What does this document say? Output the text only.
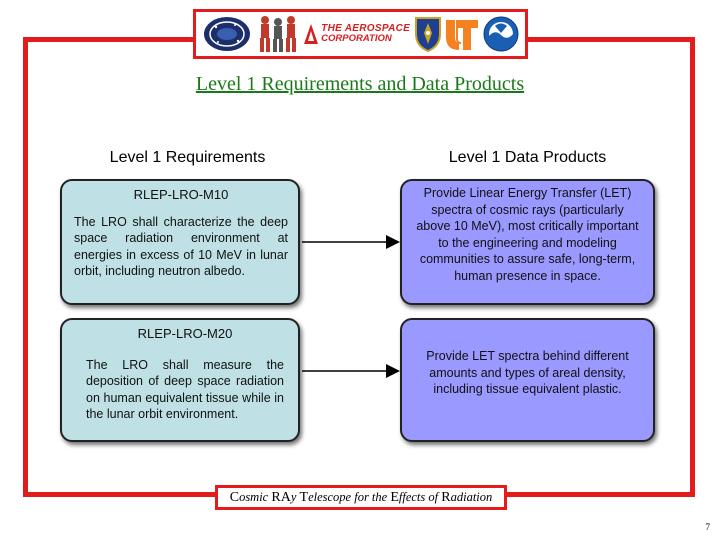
THE AEROSPACE
CORPORATION
Level 1 Requirements and Data Products
Level 1 Requirements	Level 1 Data Products
RLEP-LRO-M10
The LRO shall characterize the deep space radiation environment at energies in excess of 10 MeV in lunar orbit, including neutron albedo.
RLEP-LRO-M20
The LRO shall measure the deposition of deep space radiation on human equivalent tissue while in the lunar orbit environment.
Provide Linear Energy Transfer (LET) spectra of cosmic rays (particularly above 10 MeV), most critically important to the engineering and modeling communities to assure safe, long-term, human presence in space.
Provide LET spectra behind different amounts and types of areal density, including tissue equivalent plastic.
Cosmic RAy Telescope for the Effects of Radiation
7
